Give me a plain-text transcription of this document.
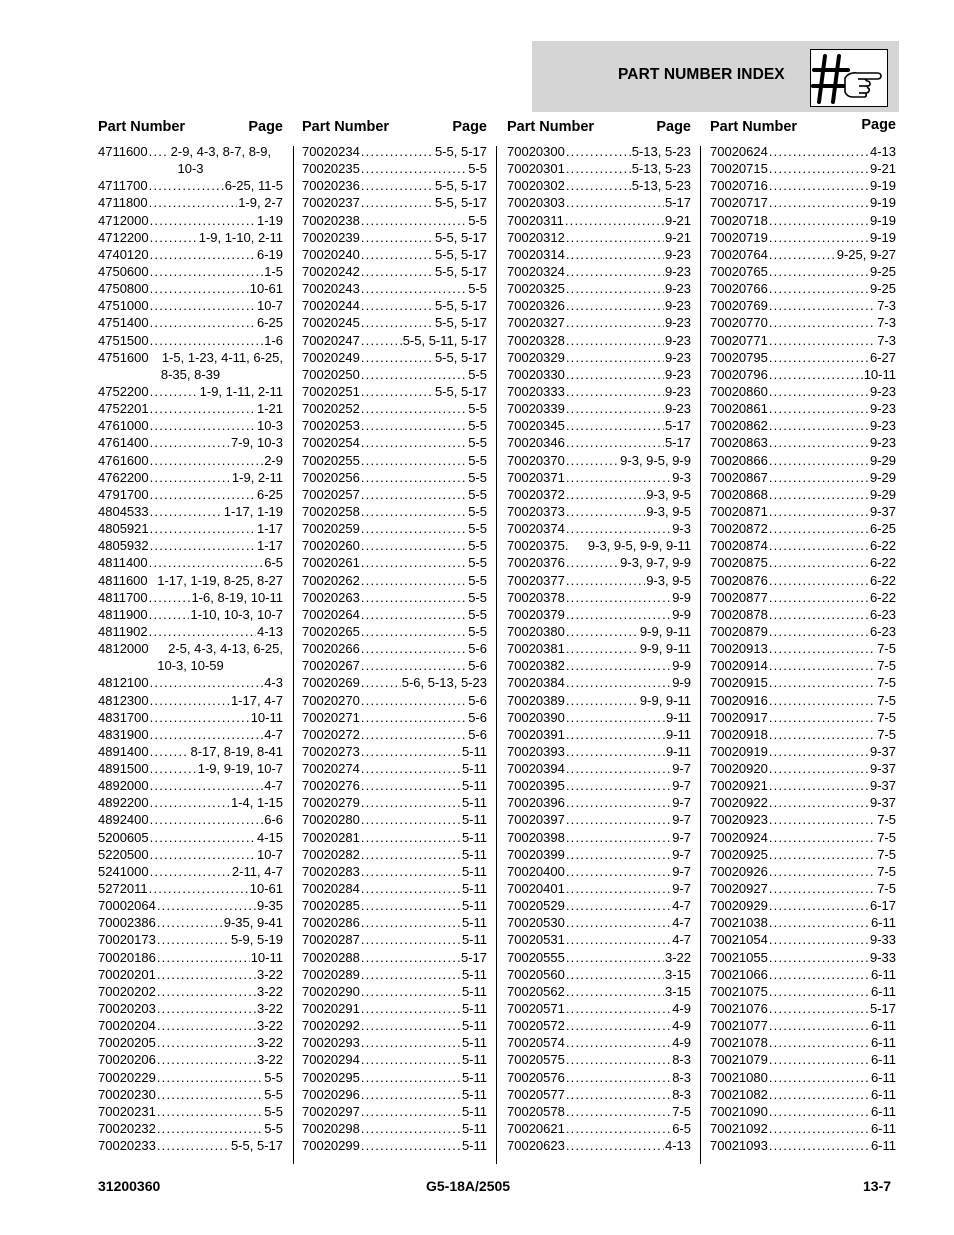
PART NUMBER INDEX
Part Number	Page
4711600 ..... 2-9, 4-3, 8-7, 8-9,
10-3
4711700 .....	6-25, 11-5
4711800 .....	1-9, 2-7
4712000 .....	1-19
4712200 .....	1-9, 1-10, 2-11
4740120 .....	6-19
4750600 .....	1-5
4750800 .....	10-61
4751000 .....	10-7
4751400 .....	6-25
4751500 .....	1-6
4751600 1-5, 1-23, 4-11, 6-25,
8-35, 8-39
4752200 .....	1-9, 1-11, 2-11
4752201 .....	1-21
4761000 .....	10-3
4761400 .....	7-9, 10-3
4761600 .....	2-9
4762200 .....	1-9, 2-11
4791700 .....	6-25
4804533 .....	1-17, 1-19
4805921 .....	1-17
4805932 .....	1-17
4811400 .....	6-5
4811600 1-17, 1-19, 8-25, 8-27
4811700 .....	1-6, 8-19, 10-11
4811900 .....	1-10, 10-3, 10-7
4811902 .....	4-13
4812000 2-5, 4-3, 4-13, 6-25,
10-3, 10-59
4812100 .....	4-3
4812300 .....	1-17, 4-7
4831700 .....	10-11
4831900 .....	4-7
4891400 .....	8-17, 8-19, 8-41
4891500 .....	1-9, 9-19, 10-7
4892000 .....	4-7
4892200 .....	1-4, 1-15
4892400 .....	6-6
5200605 .....	4-15
5220500 .....	10-7
5241000 .....	2-11, 4-7
5272011 .....	10-61
70002064 .....	9-35
70002386 .....	9-35, 9-41
70020173 .....	5-9, 5-19
70020186 .....	10-11
70020201 .....	3-22
70020202 .....	3-22
70020203 .....	3-22
70020204 .....	3-22
70020205 .....	3-22
70020206 .....	3-22
70020229 .....	5-5
70020230 .....	5-5
70020231 .....	5-5
70020232 .....	5-5
70020233 .....	5-5, 5-17
Part Number	Page
70020234 .....	5-5, 5-17
70020235 .....	5-5
70020236 .....	5-5, 5-17
70020237 .....	5-5, 5-17
70020238 .....	5-5
70020239 .....	5-5, 5-17
70020240 .....	5-5, 5-17
70020242 .....	5-5, 5-17
70020243 .....	5-5
70020244 .....	5-5, 5-17
70020245 .....	5-5, 5-17
70020247 .....	5-5, 5-11, 5-17
70020249 .....	5-5, 5-17
70020250 .....	5-5
70020251 .....	5-5, 5-17
70020252 .....	5-5
70020253 .....	5-5
70020254 .....	5-5
70020255 .....	5-5
70020256 .....	5-5
70020257 .....	5-5
70020258 .....	5-5
70020259 .....	5-5
70020260 .....	5-5
70020261 .....	5-5
70020262 .....	5-5
70020263 .....	5-5
70020264 .....	5-5
70020265 .....	5-5
70020266 .....	5-6
70020267 .....	5-6
70020269 .....	5-6, 5-13, 5-23
70020270 .....	5-6
70020271 .....	5-6
70020272 .....	5-6
70020273 .....	5-11
70020274 .....	5-11
70020276 .....	5-11
70020279 .....	5-11
70020280 .....	5-11
70020281 .....	5-11
70020282 .....	5-11
70020283 .....	5-11
70020284 .....	5-11
70020285 .....	5-11
70020286 .....	5-11
70020287 .....	5-11
70020288 .....	5-17
70020289 .....	5-11
70020290 .....	5-11
70020291 .....	5-11
70020292 .....	5-11
70020293 .....	5-11
70020294 .....	5-11
70020295 .....	5-11
70020296 .....	5-11
70020297 .....	5-11
70020298 .....	5-11
70020299 .....	5-11
Part Number	Page
70020300 .....	5-13, 5-23
70020301 .....	5-13, 5-23
70020302 .....	5-13, 5-23
70020303 .....	5-17
70020311 .....	9-21
70020312 .....	9-21
70020314 .....	9-23
70020324 .....	9-23
70020325 .....	9-23
70020326 .....	9-23
70020327 .....	9-23
70020328 .....	9-23
70020329 .....	9-23
70020330 .....	9-23
70020333 .....	9-23
70020339 .....	9-23
70020345 .....	5-17
70020346 .....	5-17
70020370 .....	9-3, 9-5, 9-9
70020371 .....	9-3
70020372 .....	9-3, 9-5
70020373 .....	9-3, 9-5
70020374 .....	9-3
70020375 . 9-3, 9-5, 9-9, 9-11
70020376 .....	9-3, 9-7, 9-9
70020377 .....	9-3, 9-5
70020378 .....	9-9
70020379 .....	9-9
70020380 .....	9-9, 9-11
70020381 .....	9-9, 9-11
70020382 .....	9-9
70020384 .....	9-9
70020389 .....	9-9, 9-11
70020390 .....	9-11
70020391 .....	9-11
70020393 .....	9-11
70020394 .....	9-7
70020395 .....	9-7
70020396 .....	9-7
70020397 .....	9-7
70020398 .....	9-7
70020399 .....	9-7
70020400 .....	9-7
70020401 .....	9-7
70020529 .....	4-7
70020530 .....	4-7
70020531 .....	4-7
70020555 .....	3-22
70020560 .....	3-15
70020562 .....	3-15
70020571 .....	4-9
70020572 .....	4-9
70020574 .....	4-9
70020575 .....	8-3
70020576 .....	8-3
70020577 .....	8-3
70020578 .....	7-5
70020621 .....	6-5
70020623 .....	4-13
Part Number	Page
70020624 .....	4-13
70020715 .....	9-21
70020716 .....	9-19
70020717 .....	9-19
70020718 .....	9-19
70020719 .....	9-19
70020764 .....	9-25, 9-27
70020765 .....	9-25
70020766 .....	9-25
70020769 .....	7-3
70020770 .....	7-3
70020771 .....	7-3
70020795 .....	6-27
70020796 .....	10-11
70020860 .....	9-23
70020861 .....	9-23
70020862 .....	9-23
70020863 .....	9-23
70020866 .....	9-29
70020867 .....	9-29
70020868 .....	9-29
70020871 .....	9-37
70020872 .....	6-25
70020874 .....	6-22
70020875 .....	6-22
70020876 .....	6-22
70020877 .....	6-22
70020878 .....	6-23
70020879 .....	6-23
70020913 .....	7-5
70020914 .....	7-5
70020915 .....	7-5
70020916 .....	7-5
70020917 .....	7-5
70020918 .....	7-5
70020919 .....	9-37
70020920 .....	9-37
70020921 .....	9-37
70020922 .....	9-37
70020923 .....	7-5
70020924 .....	7-5
70020925 .....	7-5
70020926 .....	7-5
70020927 .....	7-5
70020929 .....	6-17
70021038 .....	6-11
70021054 .....	9-33
70021055 .....	9-33
70021066 .....	6-11
70021075 .....	6-11
70021076 .....	5-17
70021077 .....	6-11
70021078 .....	6-11
70021079 .....	6-11
70021080 .....	6-11
70021082 .....	6-11
70021090 .....	6-11
70021092 .....	6-11
70021093 .....	6-11
31200360	G5-18A/2505	13-7
